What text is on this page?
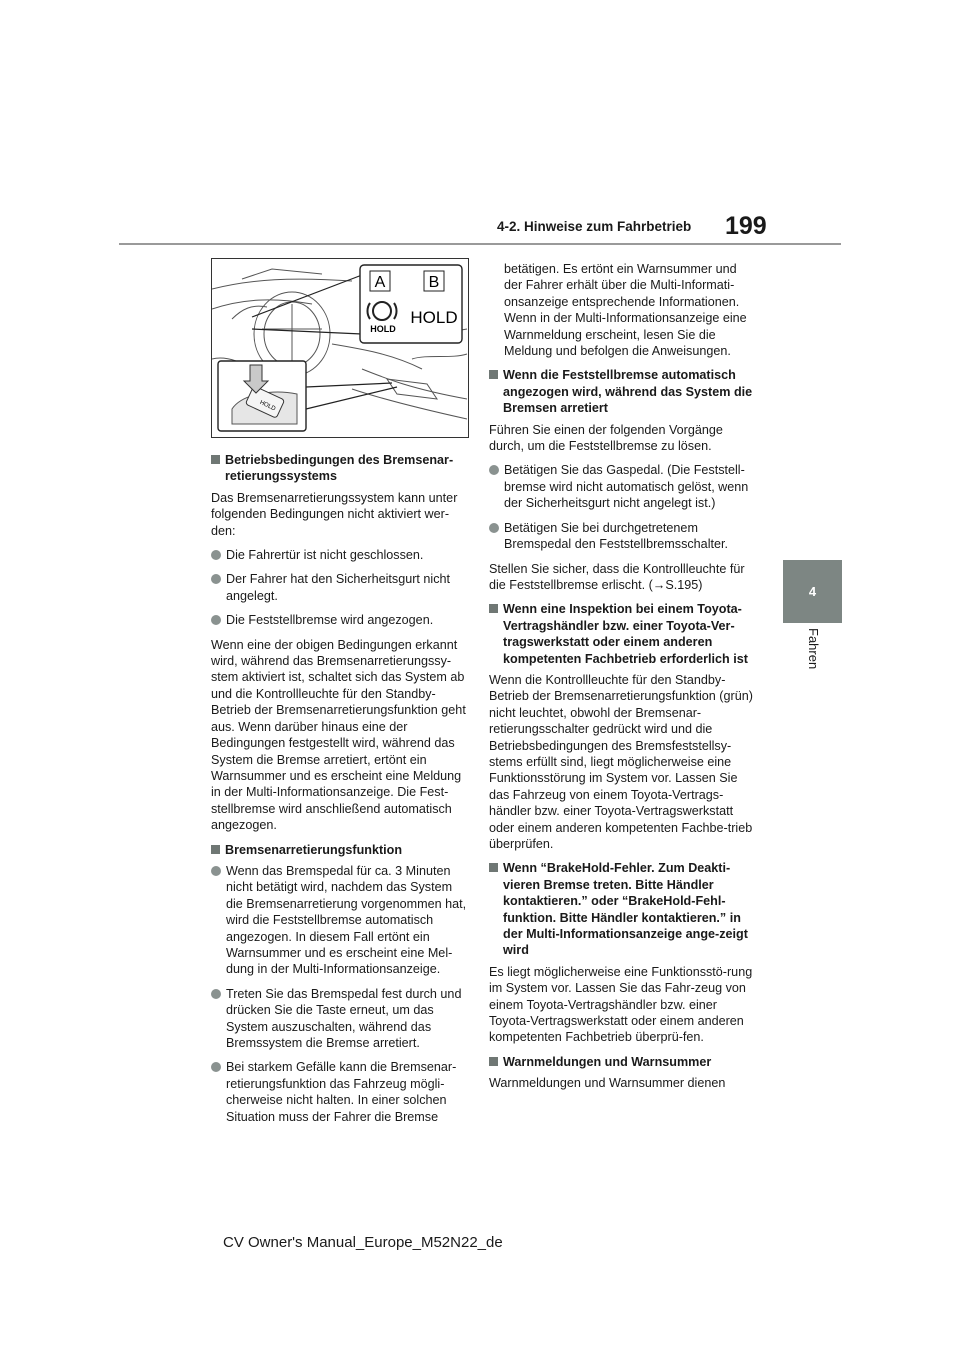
199
4-2. Hinweise zum Fahrbetrieb
4
Fahren
A	B
HOLD
HOLD
HOLD
Betriebsbedingungen des Bremsenar-
retierungssystems

Das Bremsenarretierungssystem kann unter folgenden Bedingungen nicht aktiviert wer-den:

Die Fahrertür ist nicht geschlossen.
Der Fahrer hat den Sicherheitsgurt nicht angelegt.
Die Feststellbremse wird angezogen.

Wenn eine der obigen Bedingungen erkannt wird, während das Bremsenarretierungssy-stem aktiviert ist, schaltet sich das System ab und die Kontrollleuchte für den Standby-Betrieb der Bremsenarretierungsfunktion geht aus. Wenn darüber hinaus eine der Bedingungen festgestellt wird, während das System die Bremse arretiert, ertönt ein Warnsummer und es erscheint eine Meldung in der Multi-Informationsanzeige. Die Fest-stellbremse wird anschließend automatisch angezogen.

Bremsenarretierungsfunktion
Wenn das Bremspedal für ca. 3 Minuten nicht betätigt wird, nachdem das System die Bremsenarretierung vorgenommen hat, wird die Feststellbremse automatisch angezogen. In diesem Fall ertönt ein Warnsummer und es erscheint eine Mel-dung in der Multi-Informationsanzeige.
Treten Sie das Bremspedal fest durch und drücken Sie die Taste erneut, um das System auszuschalten, während das Bremssystem die Bremse arretiert.
Bei starkem Gefälle kann die Bremsenar-retierungsfunktion das Fahrzeug mögli-cherweise nicht halten. In einer solchen Situation muss der Fahrer die Bremse

betätigen. Es ertönt ein Warnsummer und der Fahrer erhält über die Multi-Informati-onsanzeige entsprechende Informationen. Wenn in der Multi-Informationsanzeige eine Warnmeldung erscheint, lesen Sie die Meldung und befolgen die Anweisungen.

Wenn die Feststellbremse automatisch angezogen wird, während das System die Bremsen arretiert

Führen Sie einen der folgenden Vorgänge durch, um die Feststellbremse zu lösen.

Betätigen Sie das Gaspedal. (Die Feststell-bremse wird nicht automatisch gelöst, wenn der Sicherheitsgurt nicht angelegt ist.)
Betätigen Sie bei durchgetretenem Bremspedal den Feststellbremsschalter.

Stellen Sie sicher, dass die Kontrollleuchte für die Feststellbremse erlischt. (→S.195)

Wenn eine Inspektion bei einem Toyota-Vertragshändler bzw. einer Toyota-Ver-tragswerkstatt oder einem anderen kompetenten Fachbetrieb erforderlich ist

Wenn die Kontrollleuchte für den Standby-Betrieb der Bremsenarretierungsfunktion (grün) nicht leuchtet, obwohl der Bremsenar-retierungsschalter gedrückt wird und die Betriebsbedingungen des Bremsfeststellsy-stems erfüllt sind, liegt möglicherweise eine Funktionsstörung im System vor. Lassen Sie das Fahrzeug von einem Toyota-Vertrags-händler bzw. einer Toyota-Vertragswerkstatt oder einem anderen kompetenten Fachbe-trieb überprüfen.

Wenn “BrakeHold-Fehler. Zum Deakti-vieren Bremse treten. Bitte Händler kontaktieren.” oder “BrakeHold-Fehl-funktion. Bitte Händler kontaktieren.” in der Multi-Informationsanzeige ange-zeigt wird

Es liegt möglicherweise eine Funktionsstö-rung im System vor. Lassen Sie das Fahr-zeug von einem Toyota-Vertragshändler bzw. einer Toyota-Vertragswerkstatt oder einem anderen kompetenten Fachbetrieb überprü-fen.

Warnmeldungen und Warnsummer

Warnmeldungen und Warnsummer dienen

CV Owner's Manual_Europe_M52N22_de
